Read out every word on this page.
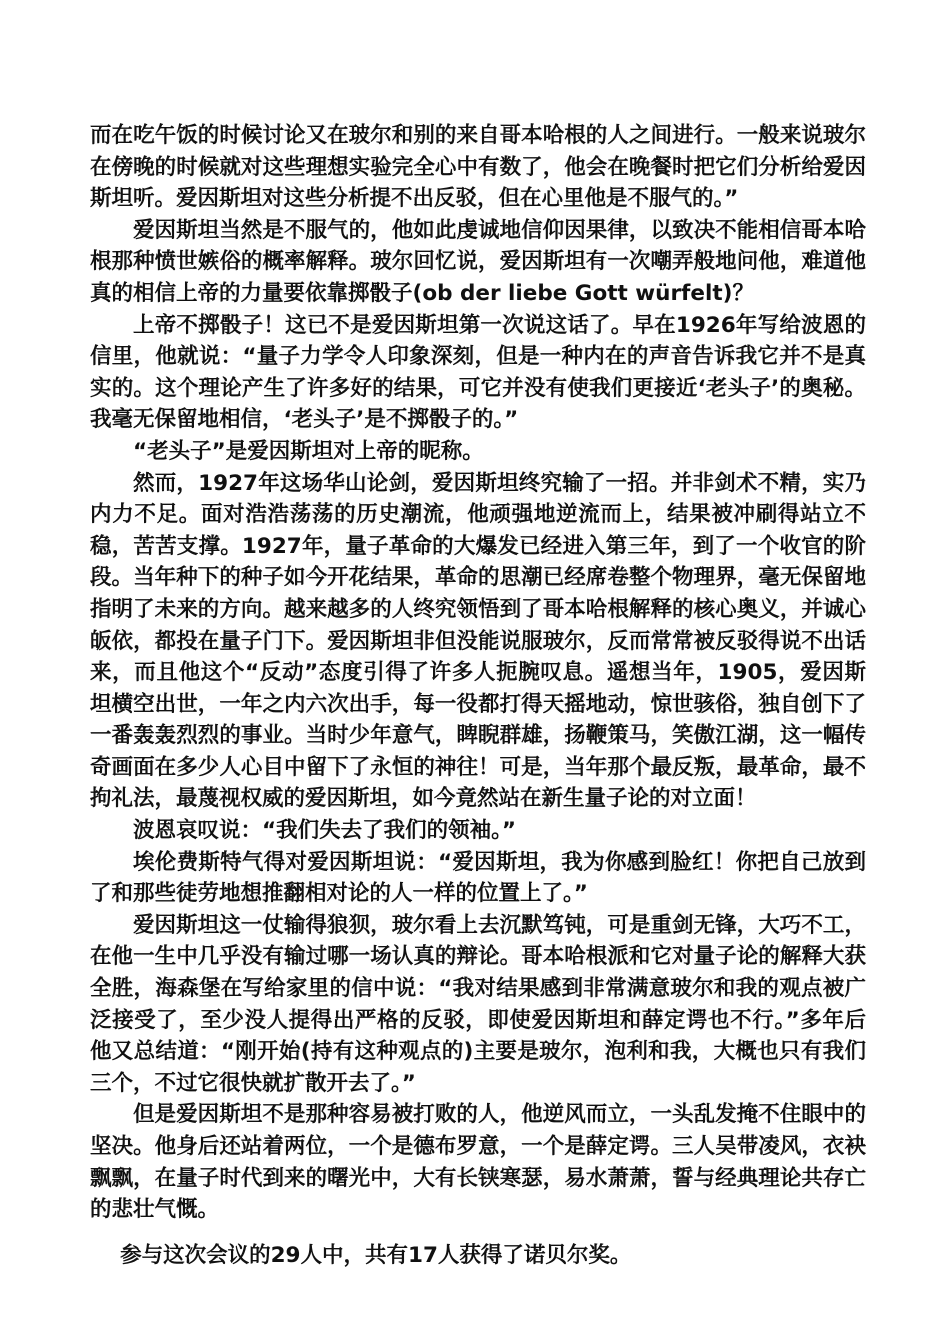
而在吃午饭的时候讨论又在玻尔和别的来自哥本哈根的人之间进行。一般来说玻尔在傍晚的时候就对这些理想实验完全心中有数了，他会在晚餐时把它们分析给爱因斯坦听。爱因斯坦对这些分析提不出反驳，但在心里他是不服气的。”

爱因斯坦当然是不服气的，他如此虔诚地信仰因果律，以致决不能相信哥本哈根那种愤世嫉俗的概率解释。玻尔回忆说，爱因斯坦有一次嘲弄般地问他，难道他真的相信上帝的力量要依靠掷骰子(ob der liebe Gott würfelt)？

上帝不掷骰子！这已不是爱因斯坦第一次说这话了。早在1926年写给波恩的信里，他就说：“量子力学令人印象深刻，但是一种内在的声音告诉我它并不是真实的。这个理论产生了许多好的结果，可它并没有使我们更接近‘老头子’的奥秘。我毫无保留地相信，‘老头子’是不掷骰子的。”

“老头子”是爱因斯坦对上帝的昵称。

然而，1927年这场华山论剑，爱因斯坦终究输了一招。并非剑术不精，实乃内力不足。面对浩浩荡荡的历史潮流，他顽强地逆流而上，结果被冲刷得站立不稳，苦苦支撑。1927年，量子革命的大爆发已经进入第三年，到了一个收官的阶段。当年种下的种子如今开花结果，革命的思潮已经席卷整个物理界，毫无保留地指明了未来的方向。越来越多的人终究领悟到了哥本哈根解释的核心奥义，并诚心皈依，都投在量子门下。爱因斯坦非但没能说服玻尔，反而常常被反驳得说不出话来，而且他这个“反动”态度引得了许多人扼腕叹息。遥想当年，1905，爱因斯坦横空出世，一年之内六次出手，每一役都打得天摇地动，惊世骇俗，独自创下了一番轰轰烈烈的事业。当时少年意气，睥睨群雄，扬鞭策马，笑傲江湖，这一幅传奇画面在多少人心目中留下了永恒的神往！可是，当年那个最反叛，最革命，最不拘礼法，最蔑视权威的爱因斯坦，如今竟然站在新生量子论的对立面！

波恩哀叹说：“我们失去了我们的领袖。”

埃伦费斯特气得对爱因斯坦说：“爱因斯坦，我为你感到脸红！你把自己放到了和那些徒劳地想推翻相对论的人一样的位置上了。”

爱因斯坦这一仗输得狼狈，玻尔看上去沉默笃钝，可是重剑无锋，大巧不工，在他一生中几乎没有输过哪一场认真的辩论。哥本哈根派和它对量子论的解释大获全胜，海森堡在写给家里的信中说：“我对结果感到非常满意玻尔和我的观点被广泛接受了，至少没人提得出严格的反驳，即使爱因斯坦和薛定谔也不行。”多年后他又总结道：“刚开始(持有这种观点的)主要是玻尔，泡利和我，大概也只有我们三个，不过它很快就扩散开去了。”

但是爱因斯坦不是那种容易被打败的人，他逆风而立，一头乱发掩不住眼中的坚决。他身后还站着两位，一个是德布罗意，一个是薛定谔。三人吴带凌风，衣袂飘飘，在量子时代到来的曙光中，大有长铗寒瑟，易水萧萧，誓与经典理论共存亡的悲壮气慨。

参与这次会议的29人中，共有17人获得了诺贝尔奖。
